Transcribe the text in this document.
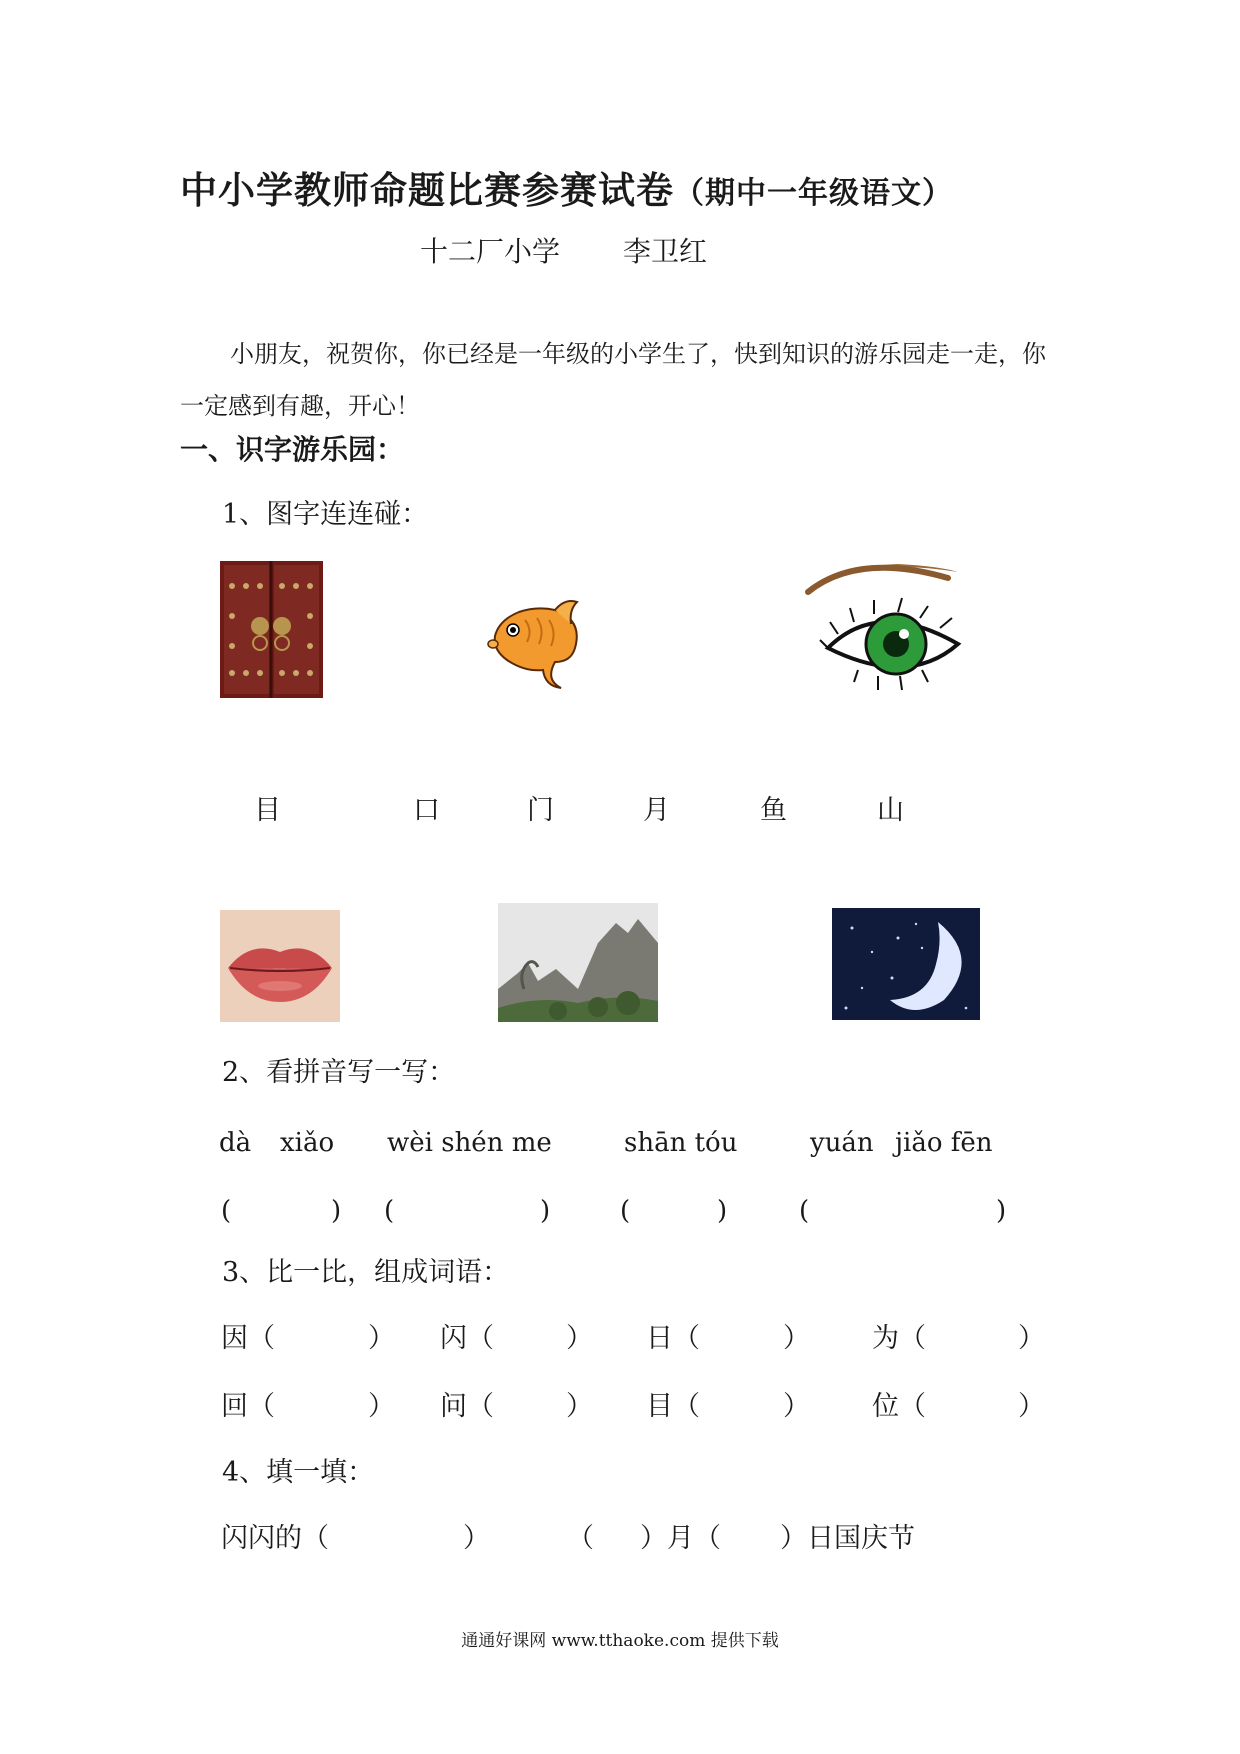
中小学教师命题比赛参赛试卷（期中一年级语文）
十二厂小学 李卫红
小朋友，祝贺你，你已经是一年级的小学生了，快到知识的游乐园走一走，你一定感到有趣，开心！
一、识字游乐园：
1、图字连连碰：
目	口	门	月	鱼	山
2、看拼音写一写：
dà xiǎo wèi shén me	shān tóu	yuán jiǎo fēn
(	) (	)	(	)	(	)
3、比一比，组成词语：
因（	） 闪（	） 日（	） 为（	）
回（	） 问（	） 目（	） 位（	）
4、填一填：
闪闪的（	）	（ ）月（ ）日国庆节
通通好课网 www.tthaoke.com 提供下载
